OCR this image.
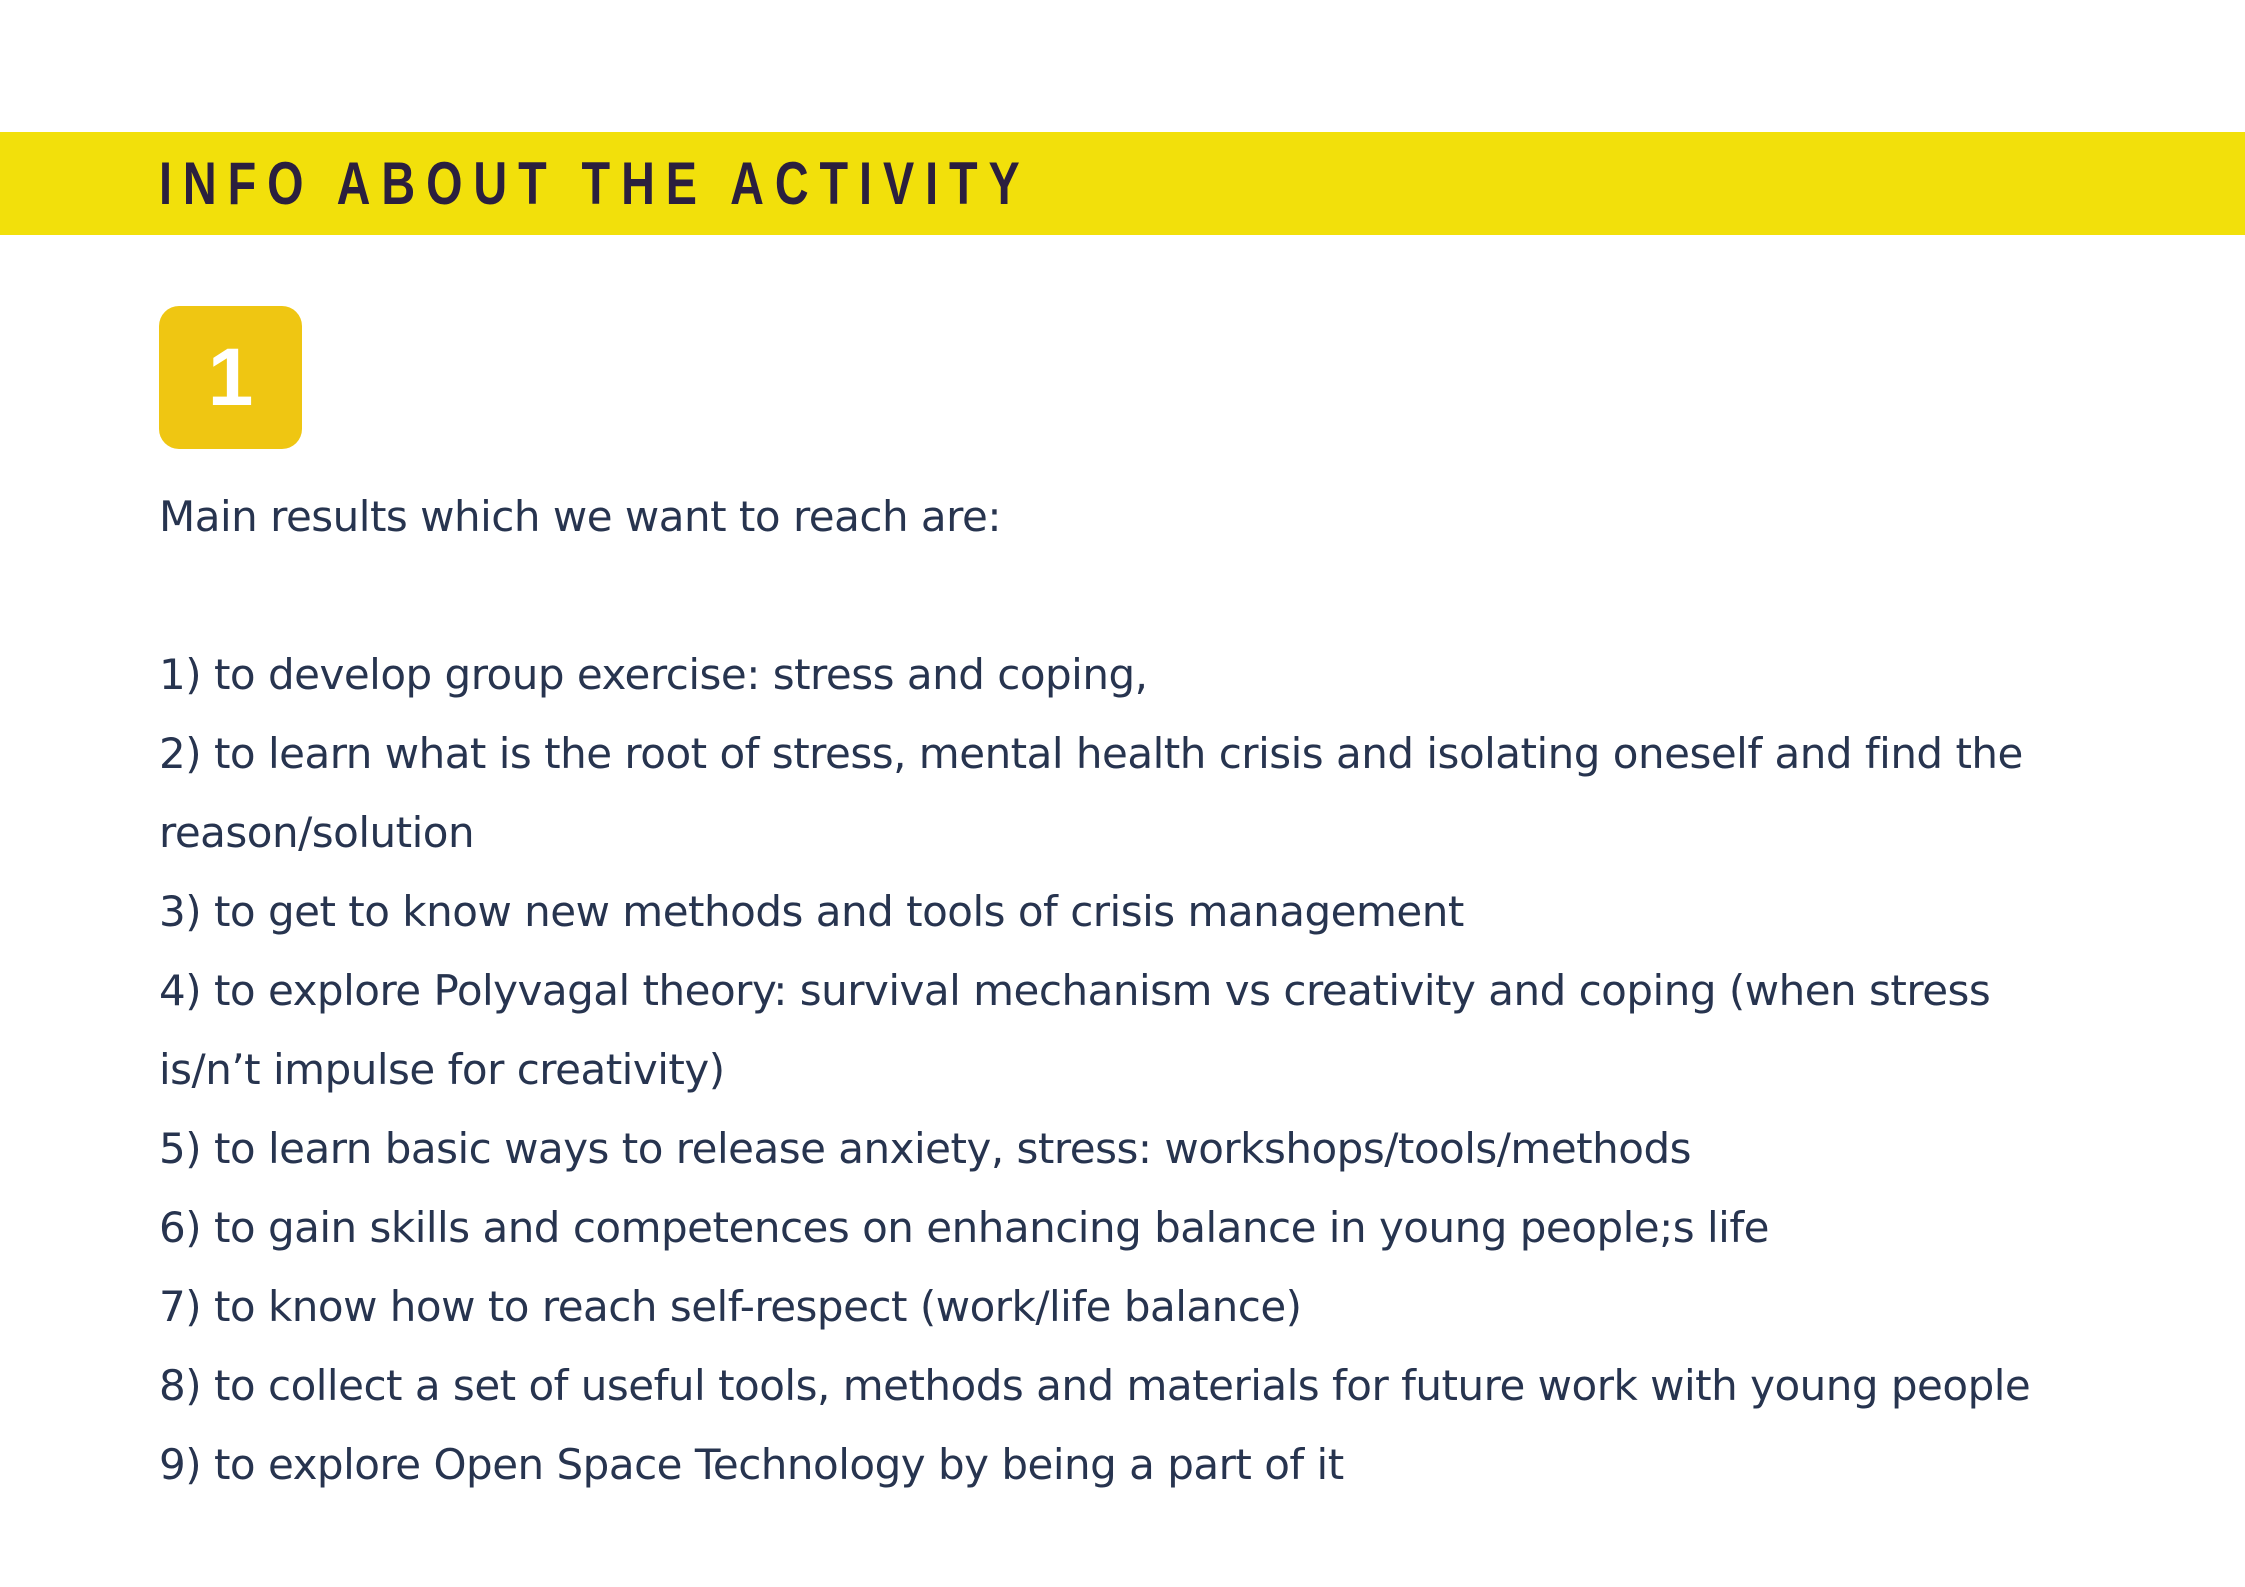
INFO ABOUT THE ACTIVITY
1

Main results which we want to reach are:

1) to develop group exercise: stress and coping,

2) to learn what is the root of stress, mental health crisis and isolating oneself and find the

reason/solution

3) to get to know new methods and tools of crisis management

4) to explore Polyvagal theory: survival mechanism vs creativity and coping (when stress

is/n’t impulse for creativity)

5) to learn basic ways to release anxiety, stress: workshops/tools/methods

6) to gain skills and competences on enhancing balance in young people;s life

7) to know how to reach self-respect (work/life balance)

8) to collect a set of useful tools, methods and materials for future work with young people

9) to explore Open Space Technology by being a part of it
